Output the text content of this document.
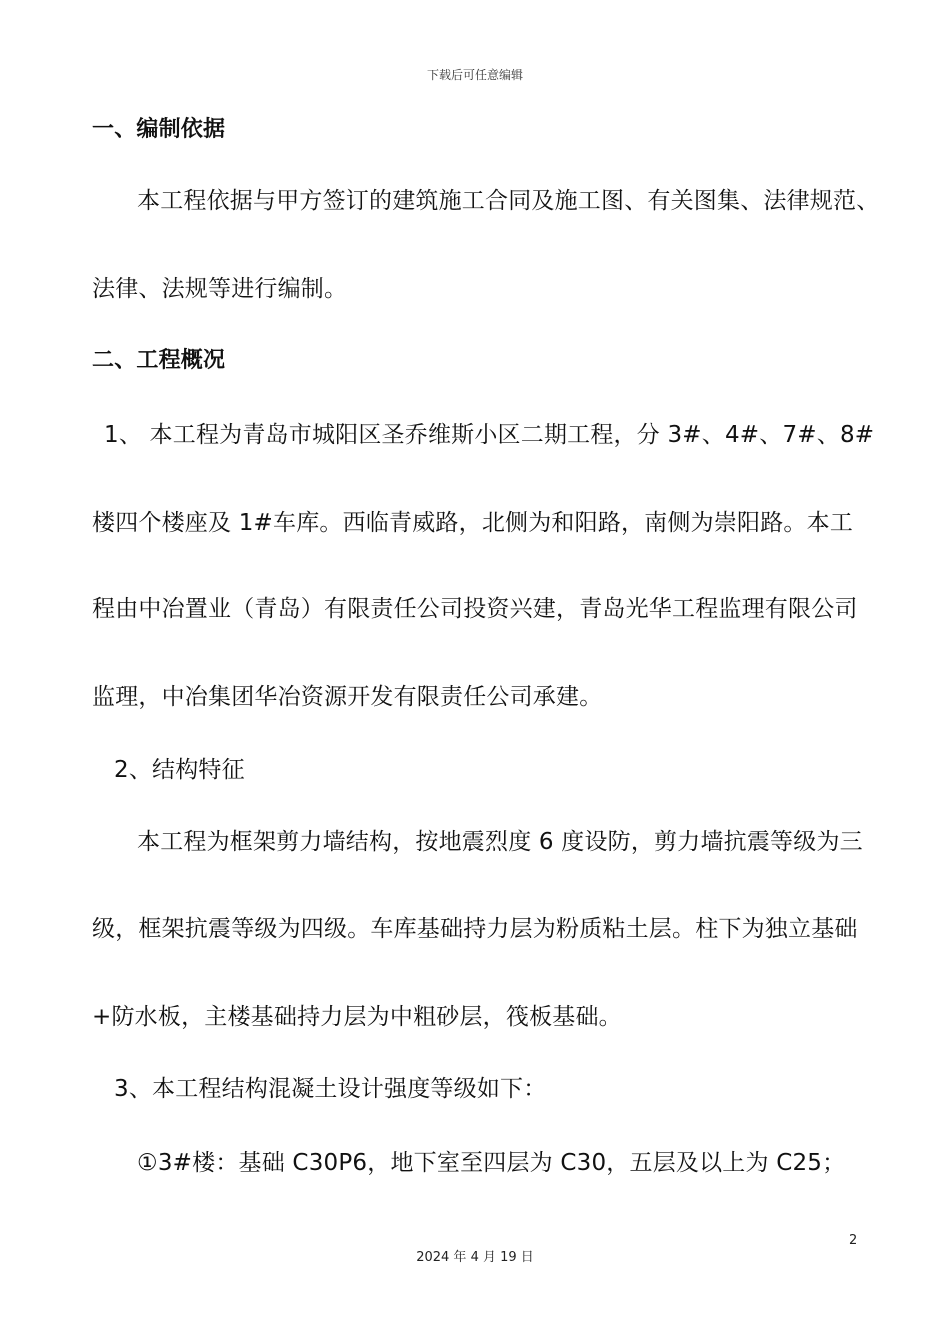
下载后可任意编辑
一、编制依据
本工程依据与甲方签订的建筑施工合同及施工图、有关图集、法律规范、
法律、法规等进行编制。
二、工程概况
1、 本工程为青岛市城阳区圣乔维斯小区二期工程，分 3#、4#、7#、8#
楼四个楼座及 1#车库。西临青威路，北侧为和阳路，南侧为崇阳路。本工
程由中冶置业（青岛）有限责任公司投资兴建，青岛光华工程监理有限公司
监理，中冶集团华冶资源开发有限责任公司承建。
2、结构特征
本工程为框架剪力墙结构，按地震烈度 6 度设防，剪力墙抗震等级为三
级，框架抗震等级为四级。车库基础持力层为粉质粘土层。柱下为独立基础
+防水板，主楼基础持力层为中粗砂层，筏板基础。
3、本工程结构混凝土设计强度等级如下：
①3#楼：基础 C30P6，地下室至四层为 C30，五层及以上为 C25；
2
2024 年 4 月 19 日
